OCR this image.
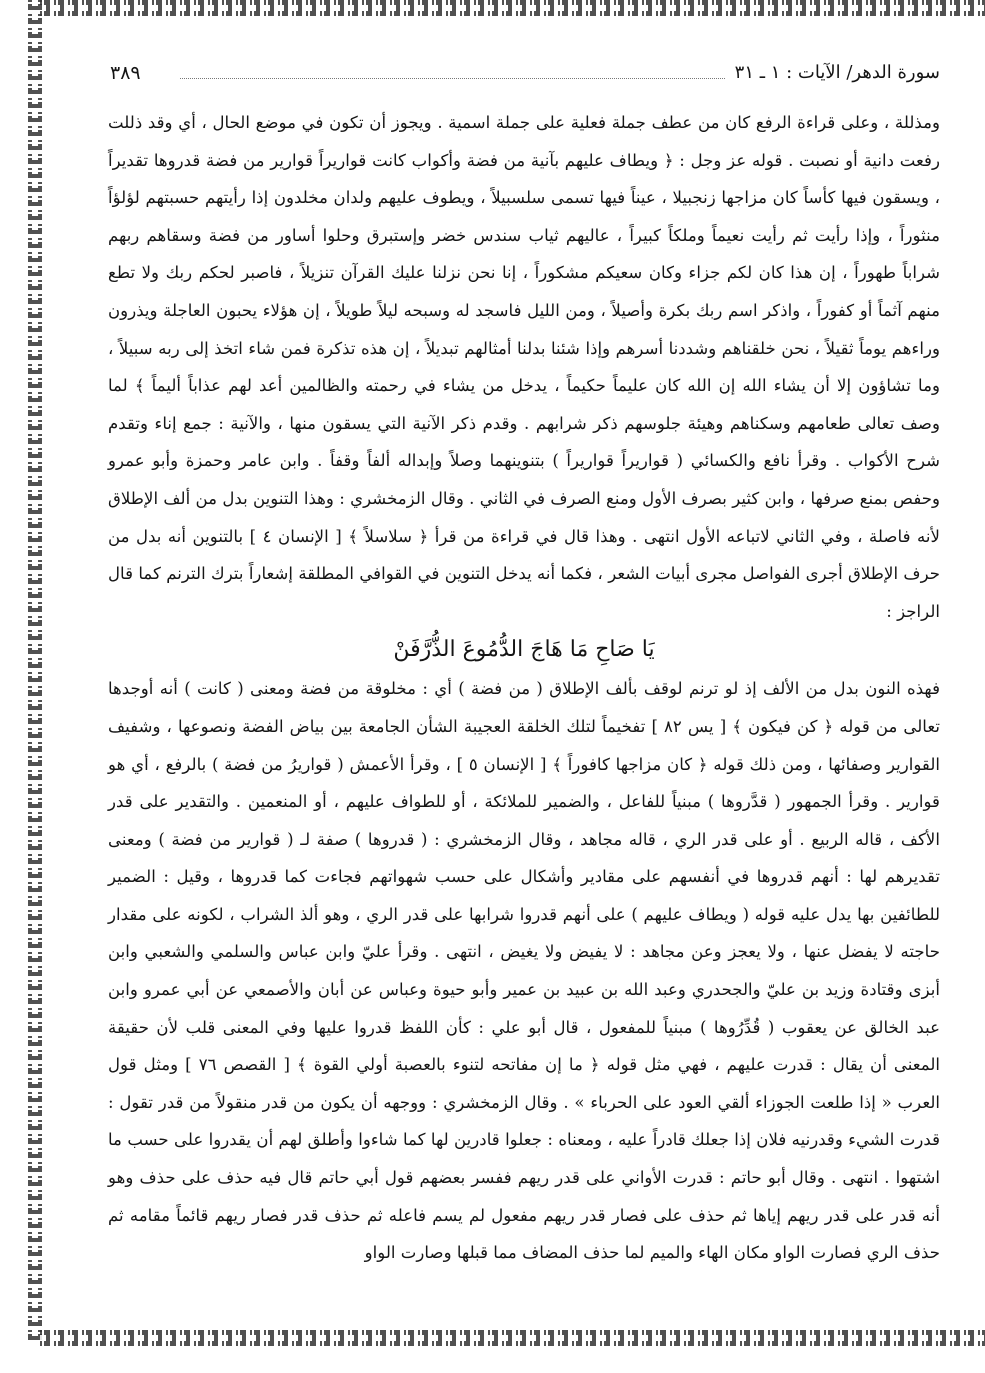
سورة الدهر/ الآيات : ١ ـ ٣١
٣٨٩

ومذللة ، وعلى قراءة الرفع كان من عطف جملة فعلية على جملة اسمية . ويجوز أن تكون في موضع الحال ، أي وقد ذللت رفعت دانية أو نصبت . قوله عز وجل : ﴿ ويطاف عليهم بآنية من فضة وأكواب كانت قواريراً قوارير من فضة قدروها تقديراً ، ويسقون فيها كأساً كان مزاجها زنجبيلا ، عيناً فيها تسمى سلسبيلاً ، ويطوف عليهم ولدان مخلدون إذا رأيتهم حسبتهم لؤلؤاً منثوراً ، وإذا رأيت ثم رأيت نعيماً وملكاً كبيراً ، عاليهم ثياب سندس خضر وإستبرق وحلوا أساور من فضة وسقاهم ربهم شراباً طهوراً ، إن هذا كان لكم جزاء وكان سعيكم مشكوراً ، إنا نحن نزلنا عليك القرآن تنزيلاً ، فاصبر لحكم ربك ولا تطع منهم آثماً أو كفوراً ، واذكر اسم ربك بكرة وأصيلاً ، ومن الليل فاسجد له وسبحه ليلاً طويلاً ، إن هؤلاء يحبون العاجلة ويذرون وراءهم يوماً ثقيلاً ، نحن خلقناهم وشددنا أسرهم وإذا شئنا بدلنا أمثالهم تبديلاً ، إن هذه تذكرة فمن شاء اتخذ إلى ربه سبيلاً ، وما تشاؤون إلا أن يشاء الله إن الله كان عليماً حكيماً ، يدخل من يشاء في رحمته والظالمين أعد لهم عذاباً أليماً ﴾ لما وصف تعالى طعامهم وسكناهم وهيئة جلوسهم ذكر شرابهم . وقدم ذكر الآنية التي يسقون منها ، والآنية : جمع إناء وتقدم شرح الأكواب . وقرأ نافع والكسائي ( قواريراً قواريراً ) بتنوينهما وصلاً وإبداله ألفاً وقفاً . وابن عامر وحمزة وأبو عمرو وحفص بمنع صرفها ، وابن كثير بصرف الأول ومنع الصرف في الثاني . وقال الزمخشري : وهذا التنوين بدل من ألف الإطلاق لأنه فاصلة ، وفي الثاني لاتباعه الأول انتهى . وهذا قال في قراءة من قرأ ﴿ سلاسلاً ﴾ [ الإنسان ٤ ] بالتنوين أنه بدل من حرف الإطلاق أجرى الفواصل مجرى أبيات الشعر ، فكما أنه يدخل التنوين في القوافي المطلقة إشعاراً بترك الترنم كما قال الراجز :

يَا صَاحِ مَا هَاجَ الدُّمُوعَ الذُّرَّفَنْ

فهذه النون بدل من الألف إذ لو ترنم لوقف بألف الإطلاق ( من فضة ) أي : مخلوقة من فضة ومعنى ( كانت ) أنه أوجدها تعالى من قوله ﴿ كن فيكون ﴾ [ يس ٨٢ ] تفخيماً لتلك الخلقة العجيبة الشأن الجامعة بين بياض الفضة ونصوعها ، وشفيف القوارير وصفائها ، ومن ذلك قوله ﴿ كان مزاجها كافوراً ﴾ [ الإنسان ٥ ] ، وقرأ الأعمش ( قواريرُ من فضة ) بالرفع ، أي هو قوارير . وقرأ الجمهور ( قدَّروها ) مبنياً للفاعل ، والضمير للملائكة ، أو للطواف عليهم ، أو المنعمين . والتقدير على قدر الأكف ، قاله الربيع . أو على قدر الري ، قاله مجاهد ، وقال الزمخشري : ( قدروها ) صفة لـ ( قوارير من فضة ) ومعنى تقديرهم لها : أنهم قدروها في أنفسهم على مقادير وأشكال على حسب شهواتهم فجاءت كما قدروها ، وقيل : الضمير للطائفين بها يدل عليه قوله ( ويطاف عليهم ) على أنهم قدروا شرابها على قدر الري ، وهو ألذ الشراب ، لكونه على مقدار حاجته لا يفضل عنها ، ولا يعجز وعن مجاهد : لا يفيض ولا يغيض ، انتهى . وقرأ عليّ وابن عباس والسلمي والشعبي وابن أبزى وقتادة وزيد بن عليّ والجحدري وعبد الله بن عبيد بن عمير وأبو حيوة وعباس عن أبان والأصمعي عن أبي عمرو وابن عبد الخالق عن يعقوب ( قُدِّرُوها ) مبنياً للمفعول ، قال أبو علي : كأن اللفظ قدروا عليها وفي المعنى قلب لأن حقيقة المعنى أن يقال : قدرت عليهم ، فهي مثل قوله ﴿ ما إن مفاتحه لتنوء بالعصبة أولي القوة ﴾ [ القصص ٧٦ ] ومثل قول العرب « إذا طلعت الجوزاء ألقي العود على الحرباء » . وقال الزمخشري : ووجهه أن يكون من قدر منقولاً من قدر تقول : قدرت الشيء وقدرنيه فلان إذا جعلك قادراً عليه ، ومعناه : جعلوا قادرين لها كما شاءوا وأطلق لهم أن يقدروا على حسب ما اشتهوا . انتهى . وقال أبو حاتم : قدرت الأواني على قدر ريهم ففسر بعضهم قول أبي حاتم قال فيه حذف على حذف وهو أنه قدر على قدر ريهم إياها ثم حذف على فصار قدر ريهم مفعول لم يسم فاعله ثم حذف قدر فصار ريهم قائماً مقامه ثم حذف الري فصارت الواو مكان الهاء والميم لما حذف المضاف مما قبلها وصارت الواو
